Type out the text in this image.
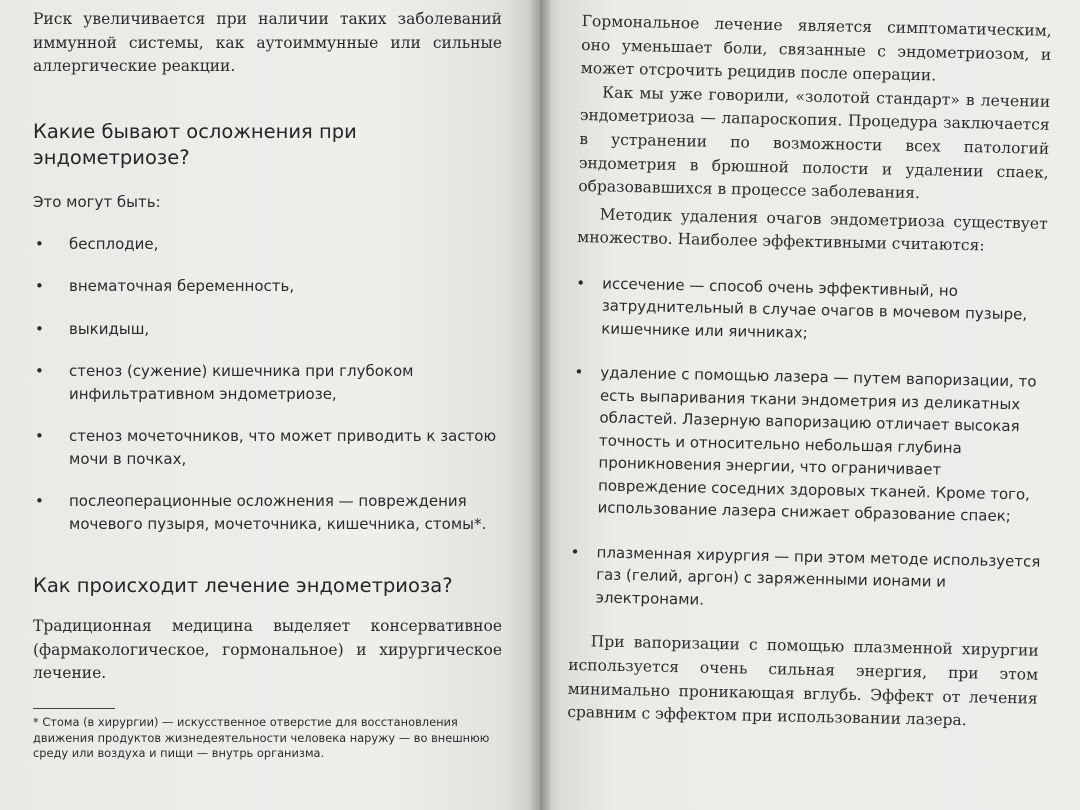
Риск увеличивается при наличии таких заболеваний иммунной системы, как аутоиммунные или сильные аллергические реакции.

Какие бывают осложнения при эндометриозе?

Это могут быть:

• бесплодие,
• внематочная беременность,
• выкидыш,
• стеноз (сужение) кишечника при глубоком инфильтративном эндометриозе,
• стеноз мочеточников, что может приводить к застою мочи в почках,
• послеоперационные осложнения — повреждения мочевого пузыря, мочеточника, кишечника, стомы*.
Как происходит лечение эндометриоза?

Традиционная медицина выделяет консервативное (фармакологическое, гормональное) и хирургическое лечение.

* Стома (в хирургии) — искусственное отверстие для восстановления движения продуктов жизнедеятельности человека наружу — во внешнюю среду или воздуха и пищи — внутрь организма.

Гормональное лечение является симптоматическим, оно уменьшает боли, связанные с эндометриозом, и может отсрочить рецидив после операции.

Как мы уже говорили, «золотой стандарт» в лечении эндометриоза — лапароскопия. Процедура заключается в устранении по возможности всех патологий эндометрия в брюшной полости и удалении спаек, образовавшихся в процессе заболевания.

Методик удаления очагов эндометриоза существует множество. Наиболее эффективными считаются:

• иссечение — способ очень эффективный, но затруднительный в случае очагов в мочевом пузыре, кишечнике или яичниках;
• удаление с помощью лазера — путем вапоризации, то есть выпаривания ткани эндометрия из деликатных областей. Лазерную вапоризацию отличает высокая точность и относительно небольшая глубина проникновения энергии, что ограничивает повреждение соседних здоровых тканей. Кроме того, использование лазера снижает образование спаек;
• плазменная хирургия — при этом методе используется газ (гелий, аргон) с заряженными ионами и электронами.

При вапоризации с помощью плазменной хирургии используется очень сильная энергия, при этом минимально проникающая вглубь. Эффект от лечения сравним с эффектом при использовании лазера.
